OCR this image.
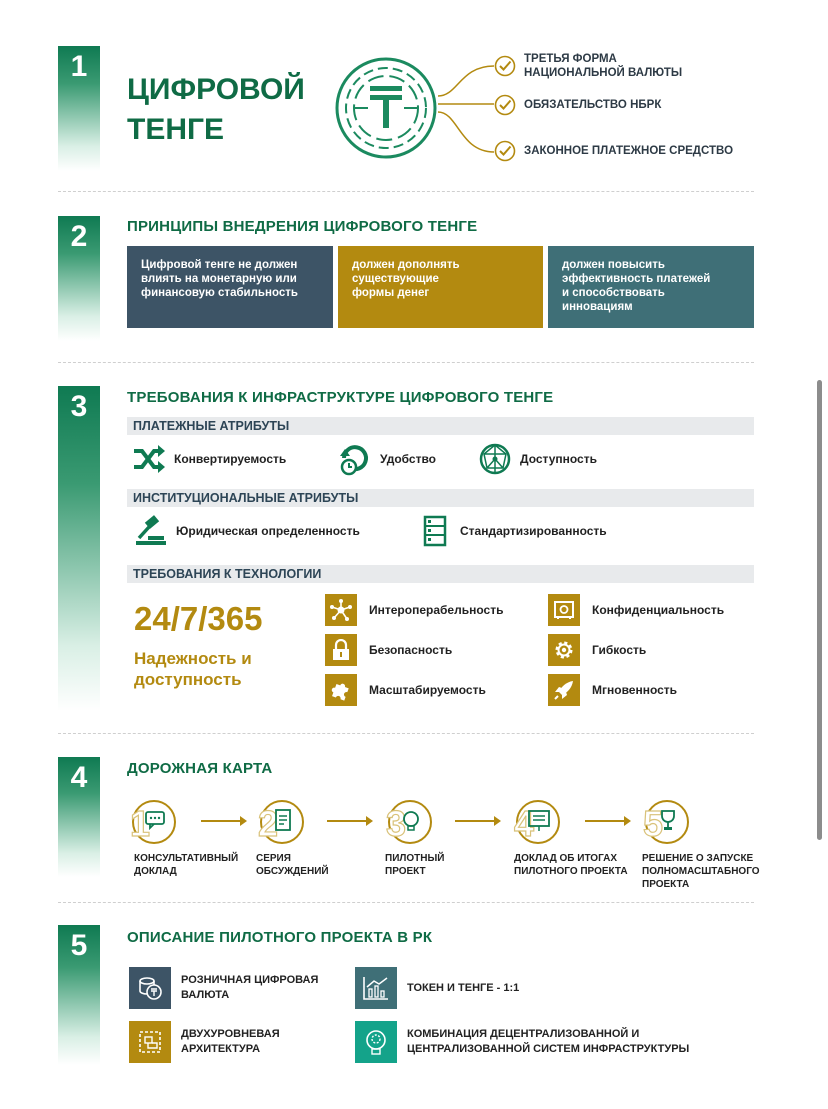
1
ЦИФРОВОЙ
ТЕНГЕ
ТРЕТЬЯ ФОРМА
НАЦИОНАЛЬНОЙ ВАЛЮТЫ
ОБЯЗАТЕЛЬСТВО НБРК
ЗАКОННОЕ ПЛАТЕЖНОЕ СРЕДСТВО
2	ПРИНЦИПЫ ВНЕДРЕНИЯ ЦИФРОВОГО ТЕНГЕ
Цифровой тенге не должен
влиять на монетарную или
финансовую стабильность
должен дополнять
существующие
формы денег
должен повысить
эффективность платежей
и способствовать
инновациям
3	ТРЕБОВАНИЯ К ИНФРАСТРУКТУРЕ ЦИФРОВОГО ТЕНГЕ
ПЛАТЕЖНЫЕ АТРИБУТЫ
Конвертируемость	Удобство	Доступность
ИНСТИТУЦИОНАЛЬНЫЕ АТРИБУТЫ
Юридическая определенность	Стандартизированность
ТРЕБОВАНИЯ К ТЕХНОЛОГИИ
24/7/365
Надежность и
доступность
Интероперабельность	Конфиденциальность
Безопасность	Гибкость
Масштабируемость	Мгновенность
4	ДОРОЖНАЯ КАРТА
1	2	3	4	5
КОНСУЛЬТАТИВНЫЙ
ДОКЛАД
СЕРИЯ
ОБСУЖДЕНИЙ
ПИЛОТНЫЙ
ПРОЕКТ
ДОКЛАД ОБ ИТОГАХ
ПИЛОТНОГО ПРОЕКТА
РЕШЕНИЕ О ЗАПУСКЕ
ПОЛНОМАСШТАБНОГО
ПРОЕКТА
5	ОПИСАНИЕ ПИЛОТНОГО ПРОЕКТА В РК
РОЗНИЧНАЯ ЦИФРОВАЯ
ВАЛЮТА
ТОКЕН И ТЕНГЕ - 1:1
ДВУХУРОВНЕВАЯ
АРХИТЕКТУРА
КОМБИНАЦИЯ ДЕЦЕНТРАЛИЗОВАННОЙ И
ЦЕНТРАЛИЗОВАННОЙ СИСТЕМ ИНФРАСТРУКТУРЫ
